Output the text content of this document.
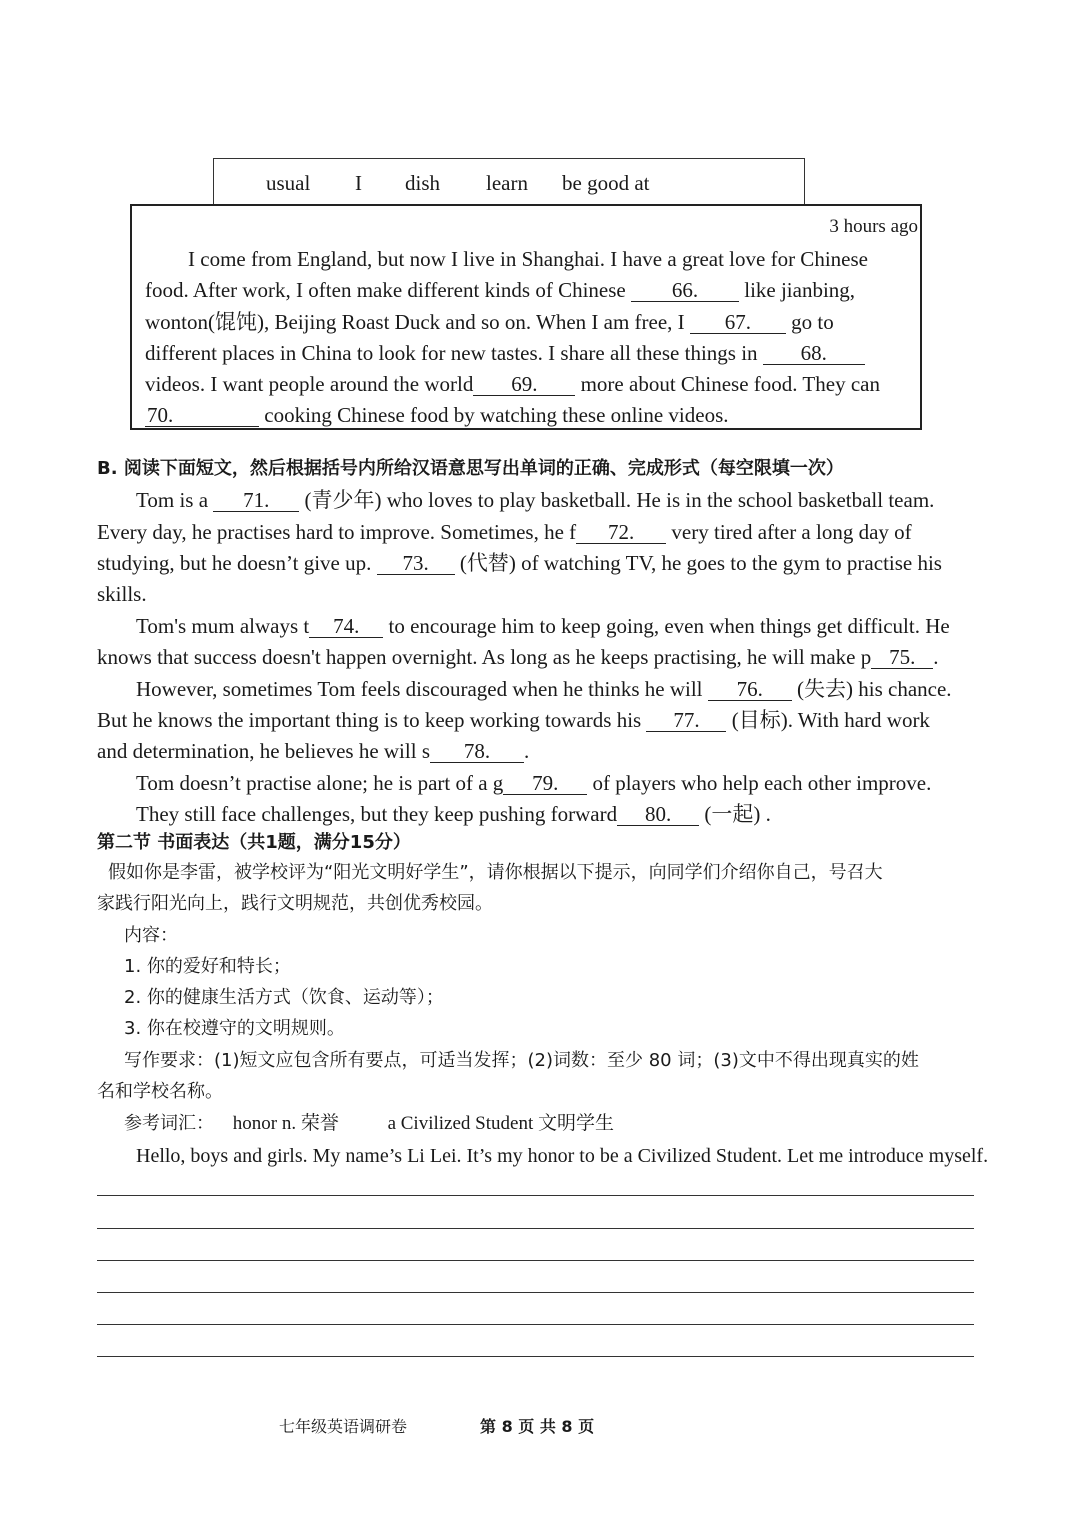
usual I dish learn be good at
3 hours ago
I come from England, but now I live in Shanghai. I have a great love for Chinese
food. After work, I often make different kinds of Chinese 66. like jianbing,
wonton(馄饨), Beijing Roast Duck and so on. When I am free, I 67. go to
different places in China to look for new tastes. I share all these things in 68.
videos. I want people around the world 69. more about Chinese food. They can
70.	cooking Chinese food by watching these online videos.
B. 阅读下面短文，然后根据括号内所给汉语意思写出单词的正确、完成形式（每空限填一次）
Tom is a 71. (青少年) who loves to play basketball. He is in the school basketball team.
Every day, he practises hard to improve. Sometimes, he f 72. very tired after a long day of
studying, but he doesn’t give up. 73. (代替) of watching TV, he goes to the gym to practise his
skills.
Tom's mum always t 74. to encourage him to keep going, even when things get difficult. He
knows that success doesn't happen overnight. As long as he keeps practising, he will make p 75. .
However, sometimes Tom feels discouraged when he thinks he will 76. (失去) his chance.
But he knows the important thing is to keep working towards his 77. (目标). With hard work
and determination, he believes he will s 78. .
Tom doesn’t practise alone; he is part of a g 79. of players who help each other improve.
They still face challenges, but they keep pushing forward 80. (一起) .
第二节 书面表达（共1题，满分15分）
假如你是李雷，被学校评为“阳光文明好学生”，请你根据以下提示，向同学们介绍你自己，号召大
家践行阳光向上，践行文明规范，共创优秀校园。
内容：
1. 你的爱好和特长；
2. 你的健康生活方式（饮食、运动等）；
3. 你在校遵守的文明规则。
写作要求：(1)短文应包含所有要点，可适当发挥；(2)词数：至少 80 词；(3)文中不得出现真实的姓
名和学校名称。
参考词汇： honor n. 荣誉	a Civilized Student 文明学生
Hello, boys and girls. My name’s Li Lei. It’s my honor to be a Civilized Student. Let me introduce myself.
七年级英语调研卷	第 8 页 共 8 页
